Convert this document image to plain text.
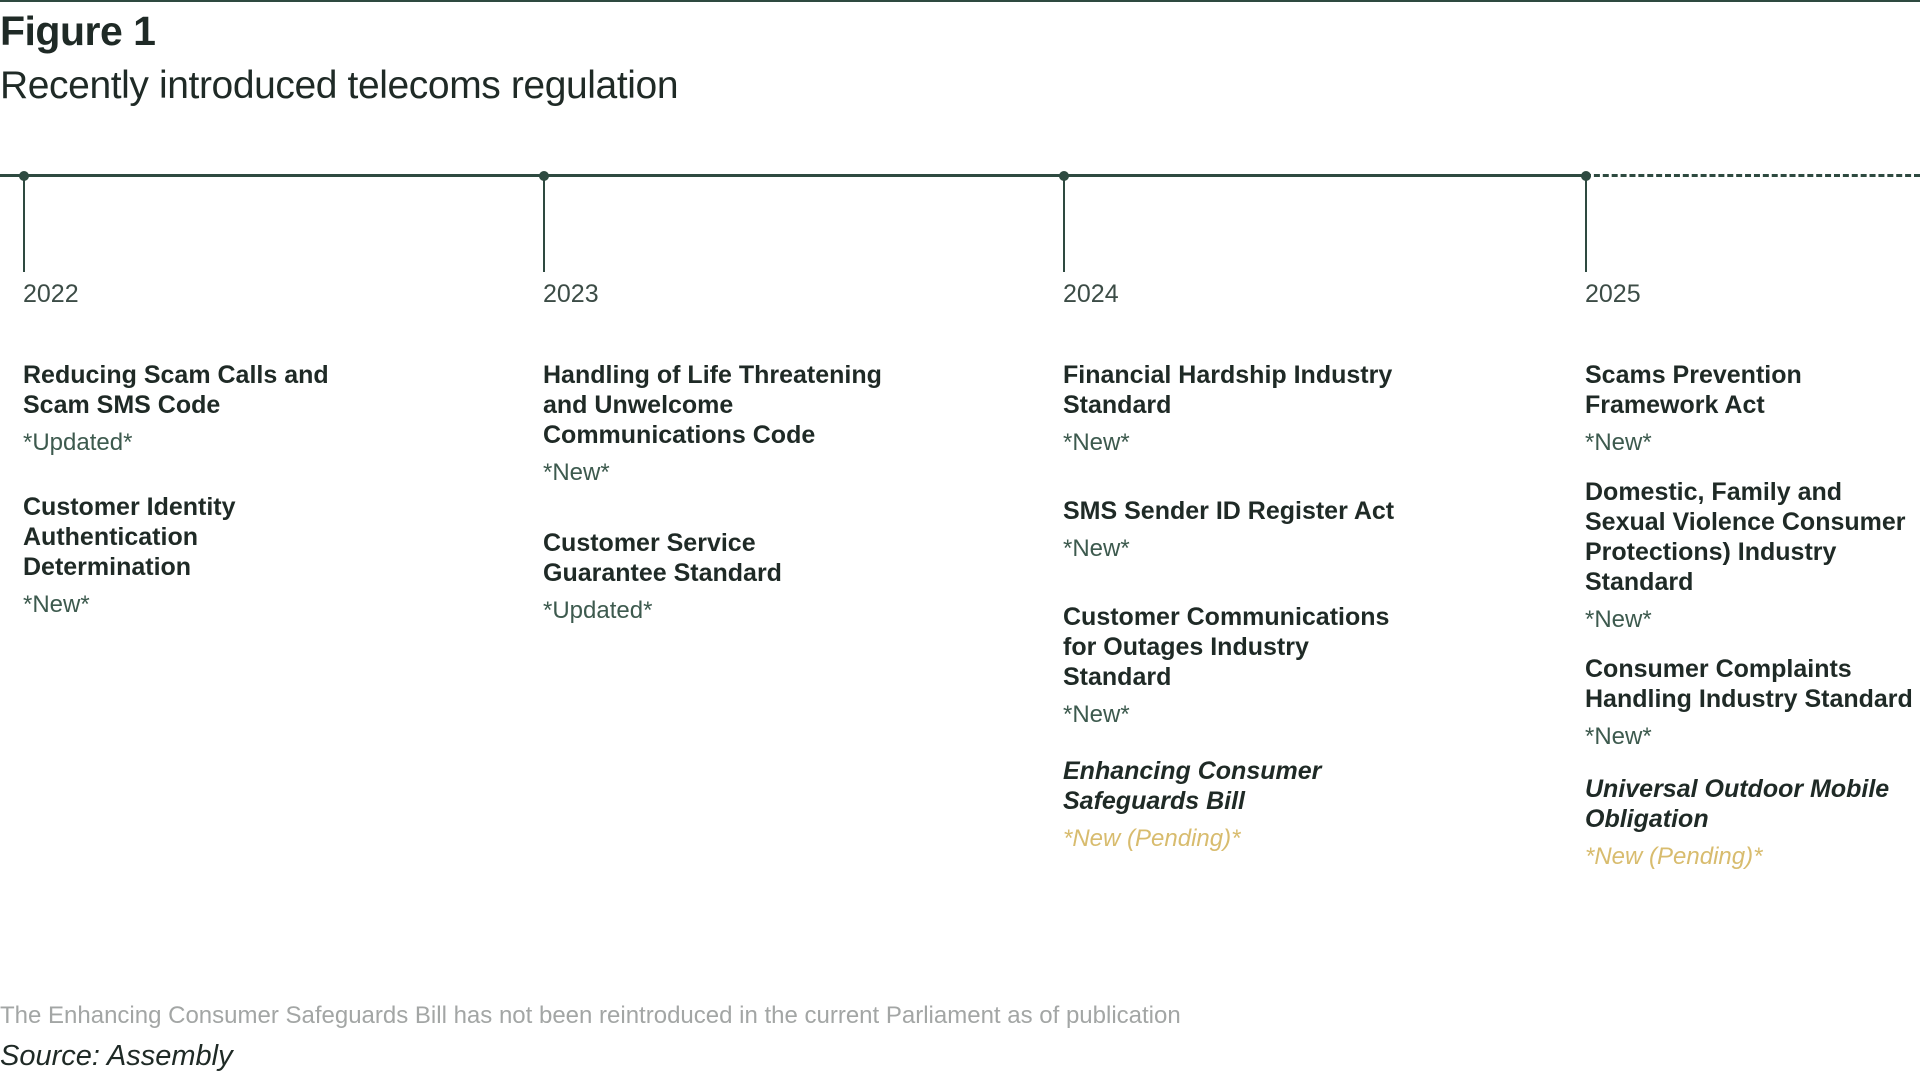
Figure 1
Recently introduced telecoms regulation
2022
Reducing Scam Calls and Scam SMS Code
*Updated*
Customer Identity Authentication Determination
*New*
2023
Handling of Life Threatening and Unwelcome Communications Code
*New*
Customer Service Guarantee Standard
*Updated*
2024
Financial Hardship Industry Standard
*New*
SMS Sender ID Register Act
*New*
Customer Communications for Outages Industry Standard
*New*
Enhancing Consumer Safeguards Bill
*New (Pending)*
2025
Scams Prevention Framework Act
*New*
Domestic, Family and Sexual Violence Consumer Protections) Industry Standard
*New*
Consumer Complaints Handling Industry Standard
*New*
Universal Outdoor Mobile Obligation
*New (Pending)*
The Enhancing Consumer Safeguards Bill has not been reintroduced in the current Parliament as of publication
Source: Assembly
